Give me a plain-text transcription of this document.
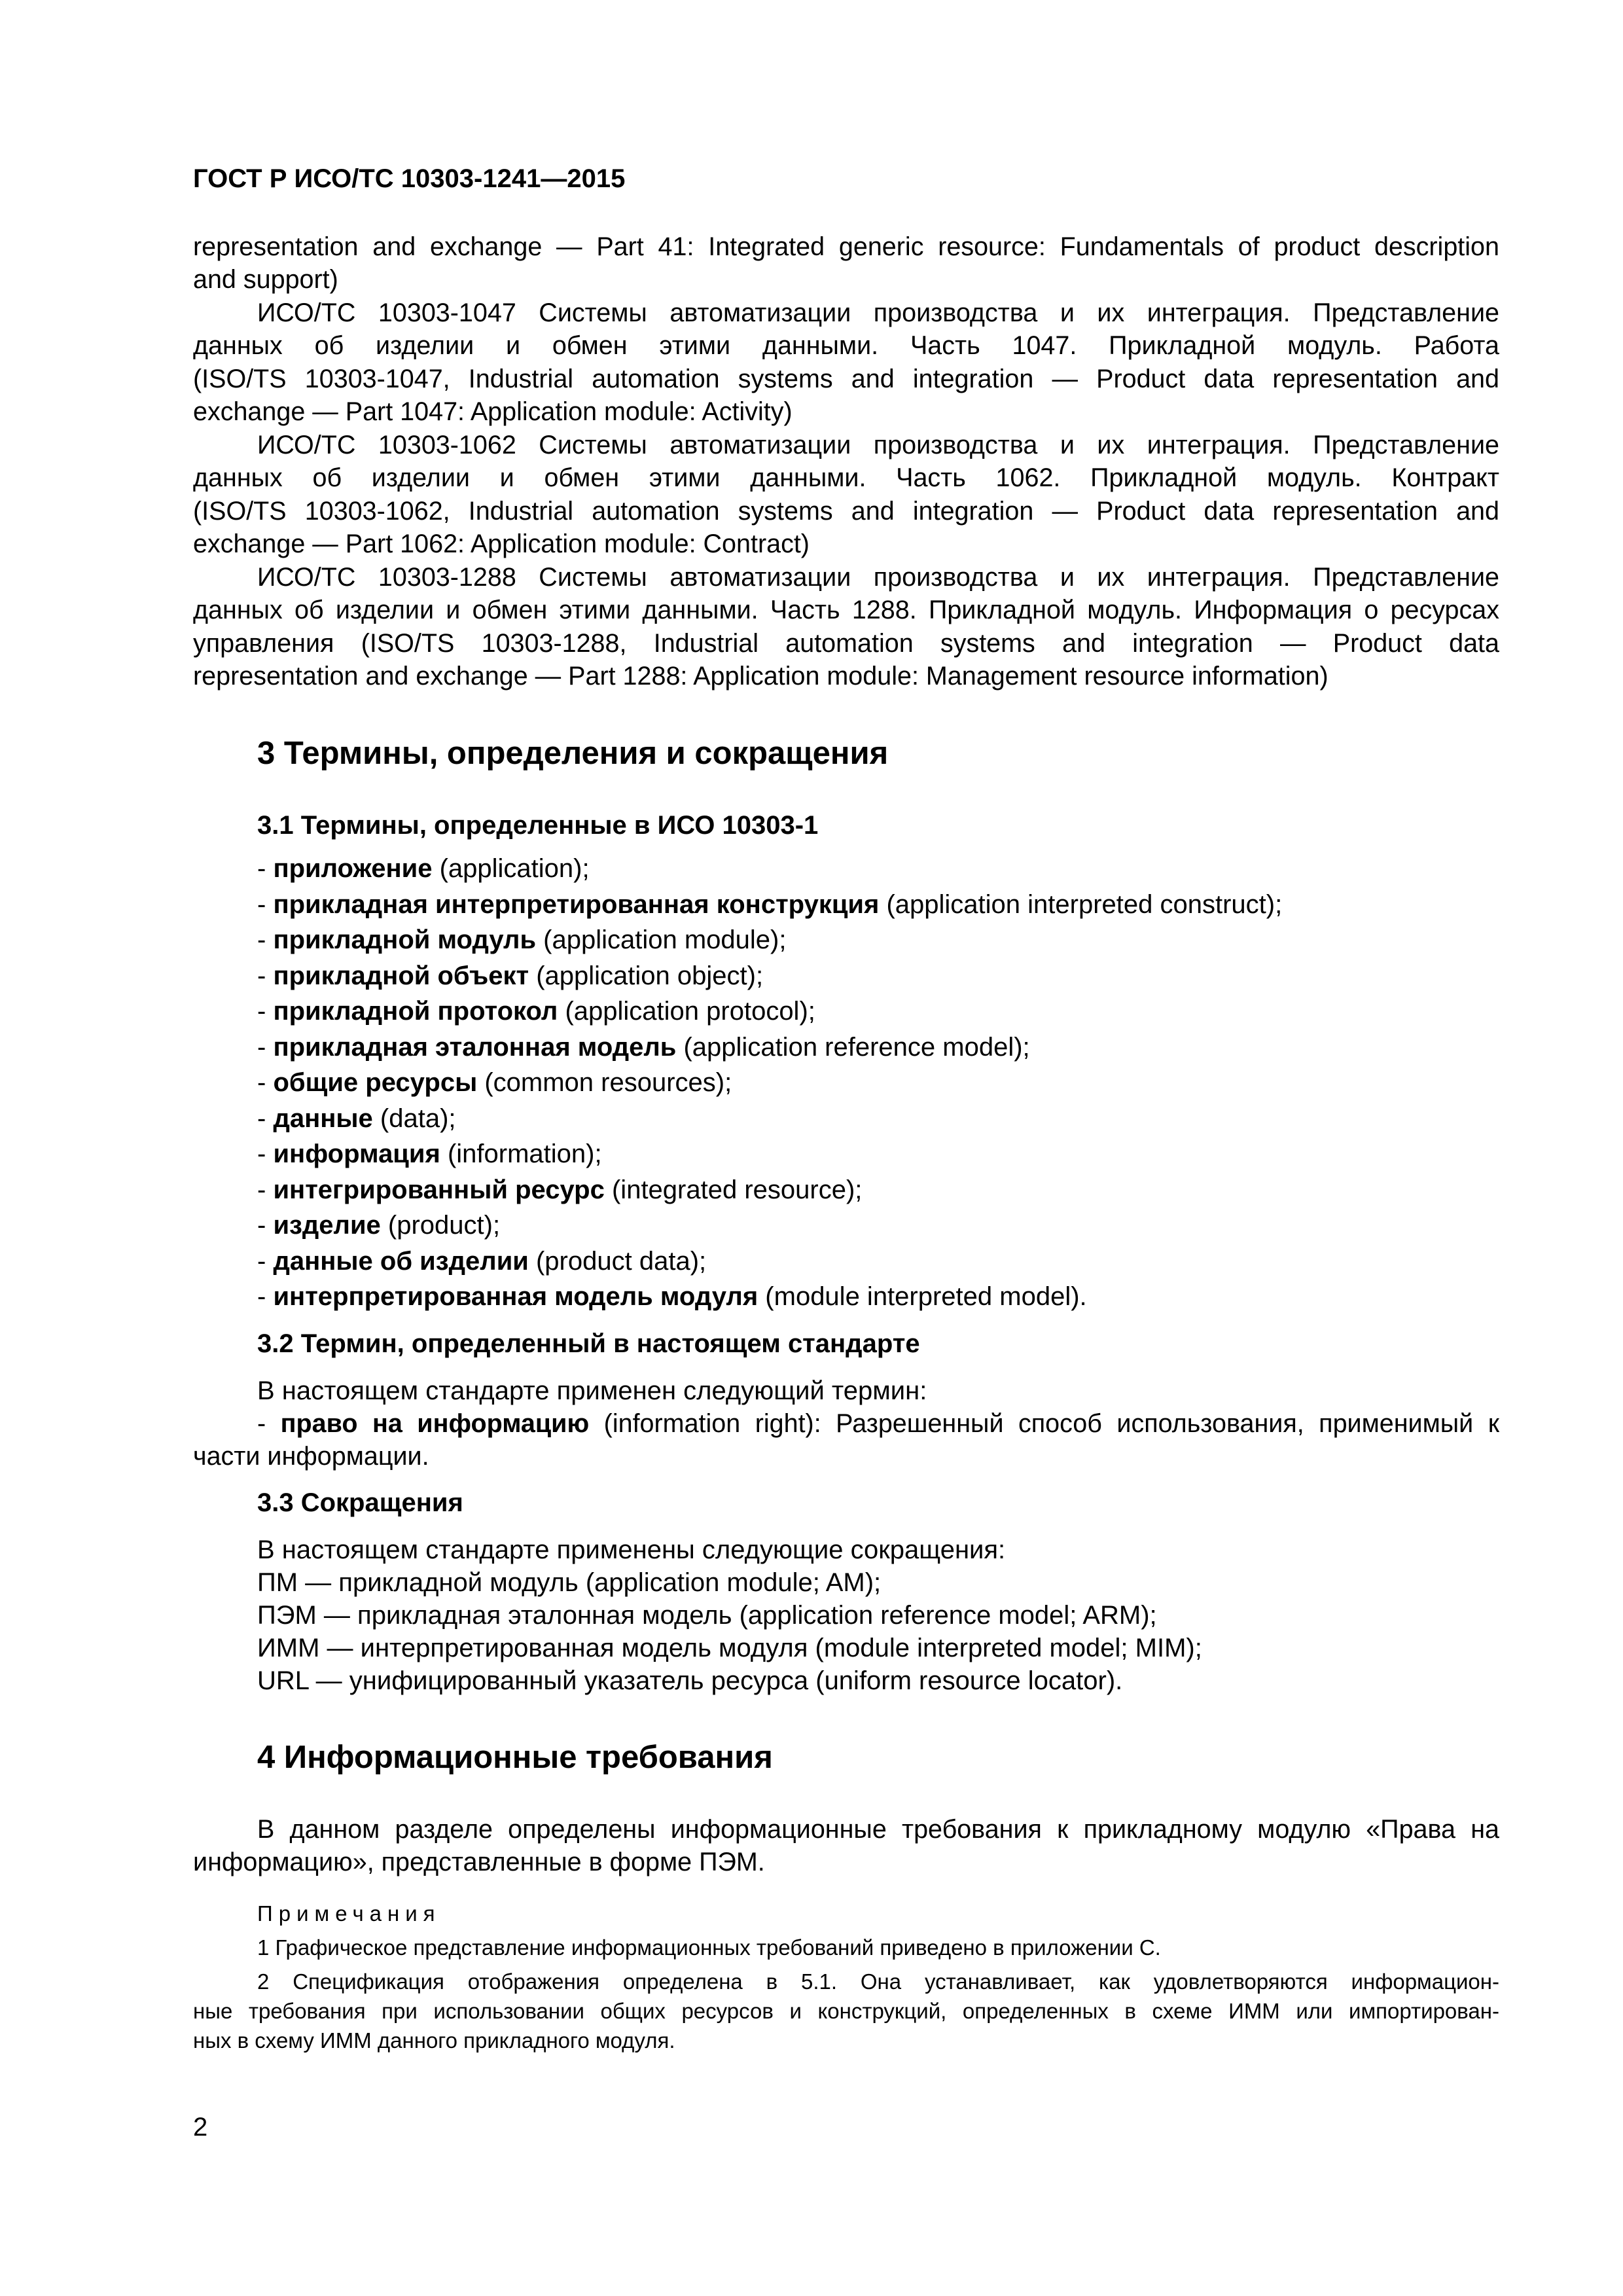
ГОСТ Р ИСО/ТС 10303-1241—2015
representation and exchange — Part 41: Integrated generic resource: Fundamentals of product description
and support)
ИСО/ТС 10303-1047 Системы автоматизации производства и их интеграция. Представление
данных об изделии и обмен этими данными. Часть 1047. Прикладной модуль. Работа
(ISO/TS 10303-1047, Industrial automation systems and integration — Product data representation and
exchange — Part 1047: Application module: Activity)
ИСО/ТС 10303-1062 Системы автоматизации производства и их интеграция. Представление
данных об изделии и обмен этими данными. Часть 1062. Прикладной модуль. Контракт
(ISO/TS 10303-1062, Industrial automation systems and integration — Product data representation and
exchange — Part 1062: Application module: Contract)
ИСО/ТС 10303-1288 Системы автоматизации производства и их интеграция. Представление
данных об изделии и обмен этими данными. Часть 1288. Прикладной модуль. Информация о ресурсах
управления (ISO/TS 10303-1288, Industrial automation systems and integration — Product data
representation and exchange — Part 1288: Application module: Management resource information)
3 Термины, определения и сокращения
3.1 Термины, определенные в ИСО 10303-1
- приложение (application);
- прикладная интерпретированная конструкция (application interpreted construct);
- прикладной модуль (application module);
- прикладной объект (application object);
- прикладной протокол (application protocol);
- прикладная эталонная модель (application reference model);
- общие ресурсы (common resources);
- данные (data);
- информация (information);
- интегрированный ресурс (integrated resource);
- изделие (product);
- данные об изделии (product data);
- интерпретированная модель модуля (module interpreted model).
3.2 Термин, определенный в настоящем стандарте
В настоящем стандарте применен следующий термин:
- право на информацию (information right): Разрешенный способ использования, применимый к
части информации.
3.3 Сокращения
В настоящем стандарте применены следующие сокращения:
ПМ — прикладной модуль (application module; AM);
ПЭМ — прикладная эталонная модель (application reference model; ARM);
ИММ — интерпретированная модель модуля (module interpreted model; MIM);
URL — унифицированный указатель ресурса (uniform resource locator).
4 Информационные требования
В данном разделе определены информационные требования к прикладному модулю «Права на
информацию», представленные в форме ПЭМ.
Примечания
1 Графическое представление информационных требований приведено в приложении С.
2 Спецификация отображения определена в 5.1. Она устанавливает, как удовлетворяются информацион-
ные требования при использовании общих ресурсов и конструкций, определенных в схеме ИММ или импортирован-
ных в схему ИММ данного прикладного модуля.
2
